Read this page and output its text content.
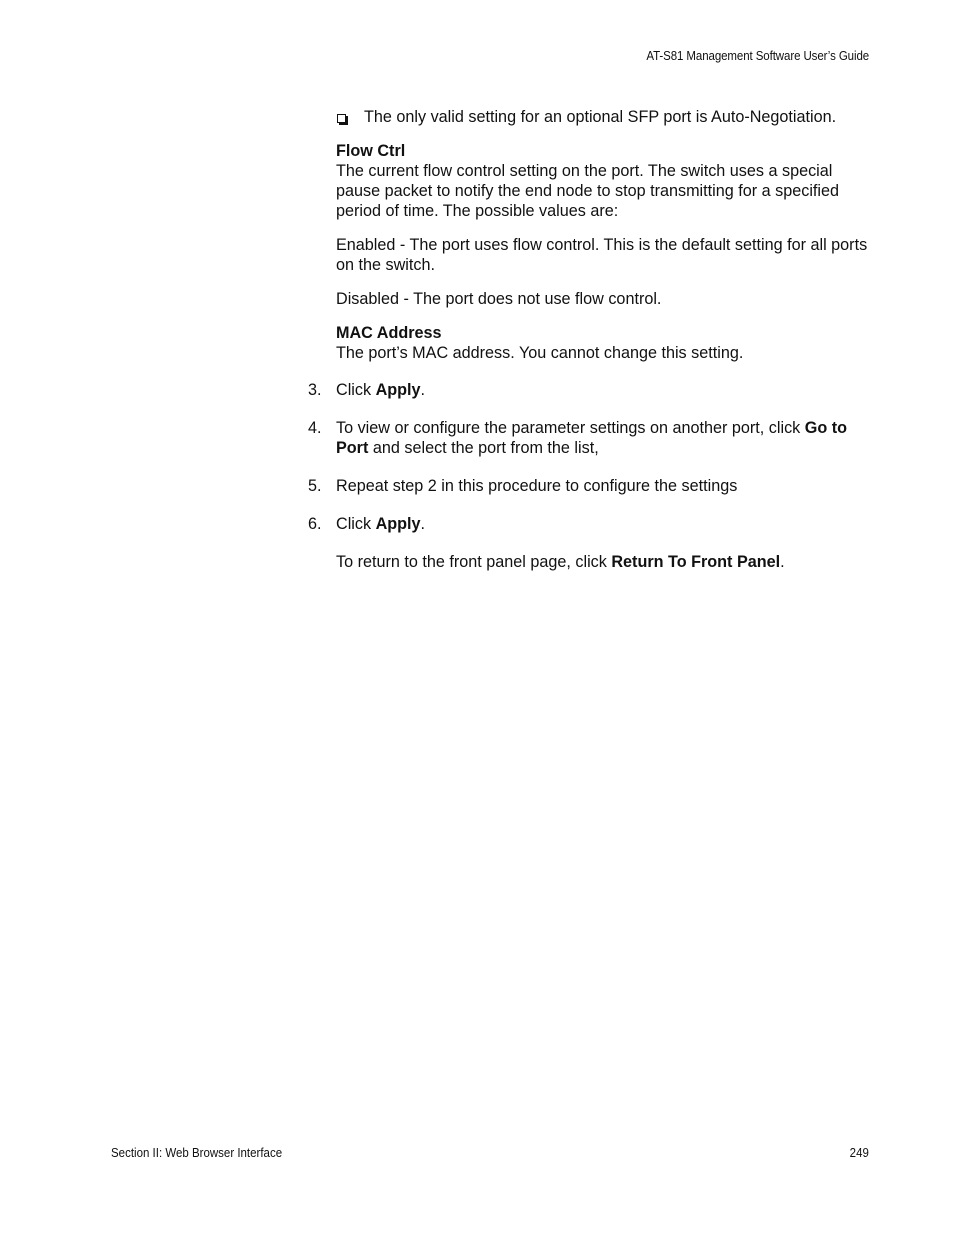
AT-S81 Management Software User’s Guide
The only valid setting for an optional SFP port is Auto-Negotiation.
Flow Ctrl
The current flow control setting on the port. The switch uses a special pause packet to notify the end node to stop transmitting for a specified period of time. The possible values are:

Enabled - The port uses flow control. This is the default setting for all ports on the switch.

Disabled - The port does not use flow control.

MAC Address
The port’s MAC address. You cannot change this setting.
3. Click Apply.
4. To view or configure the parameter settings on another port, click Go to Port and select the port from the list,
5. Repeat step 2 in this procedure to configure the settings
6. Click Apply.

To return to the front panel page, click Return To Front Panel.

Section II: Web Browser Interface	249
